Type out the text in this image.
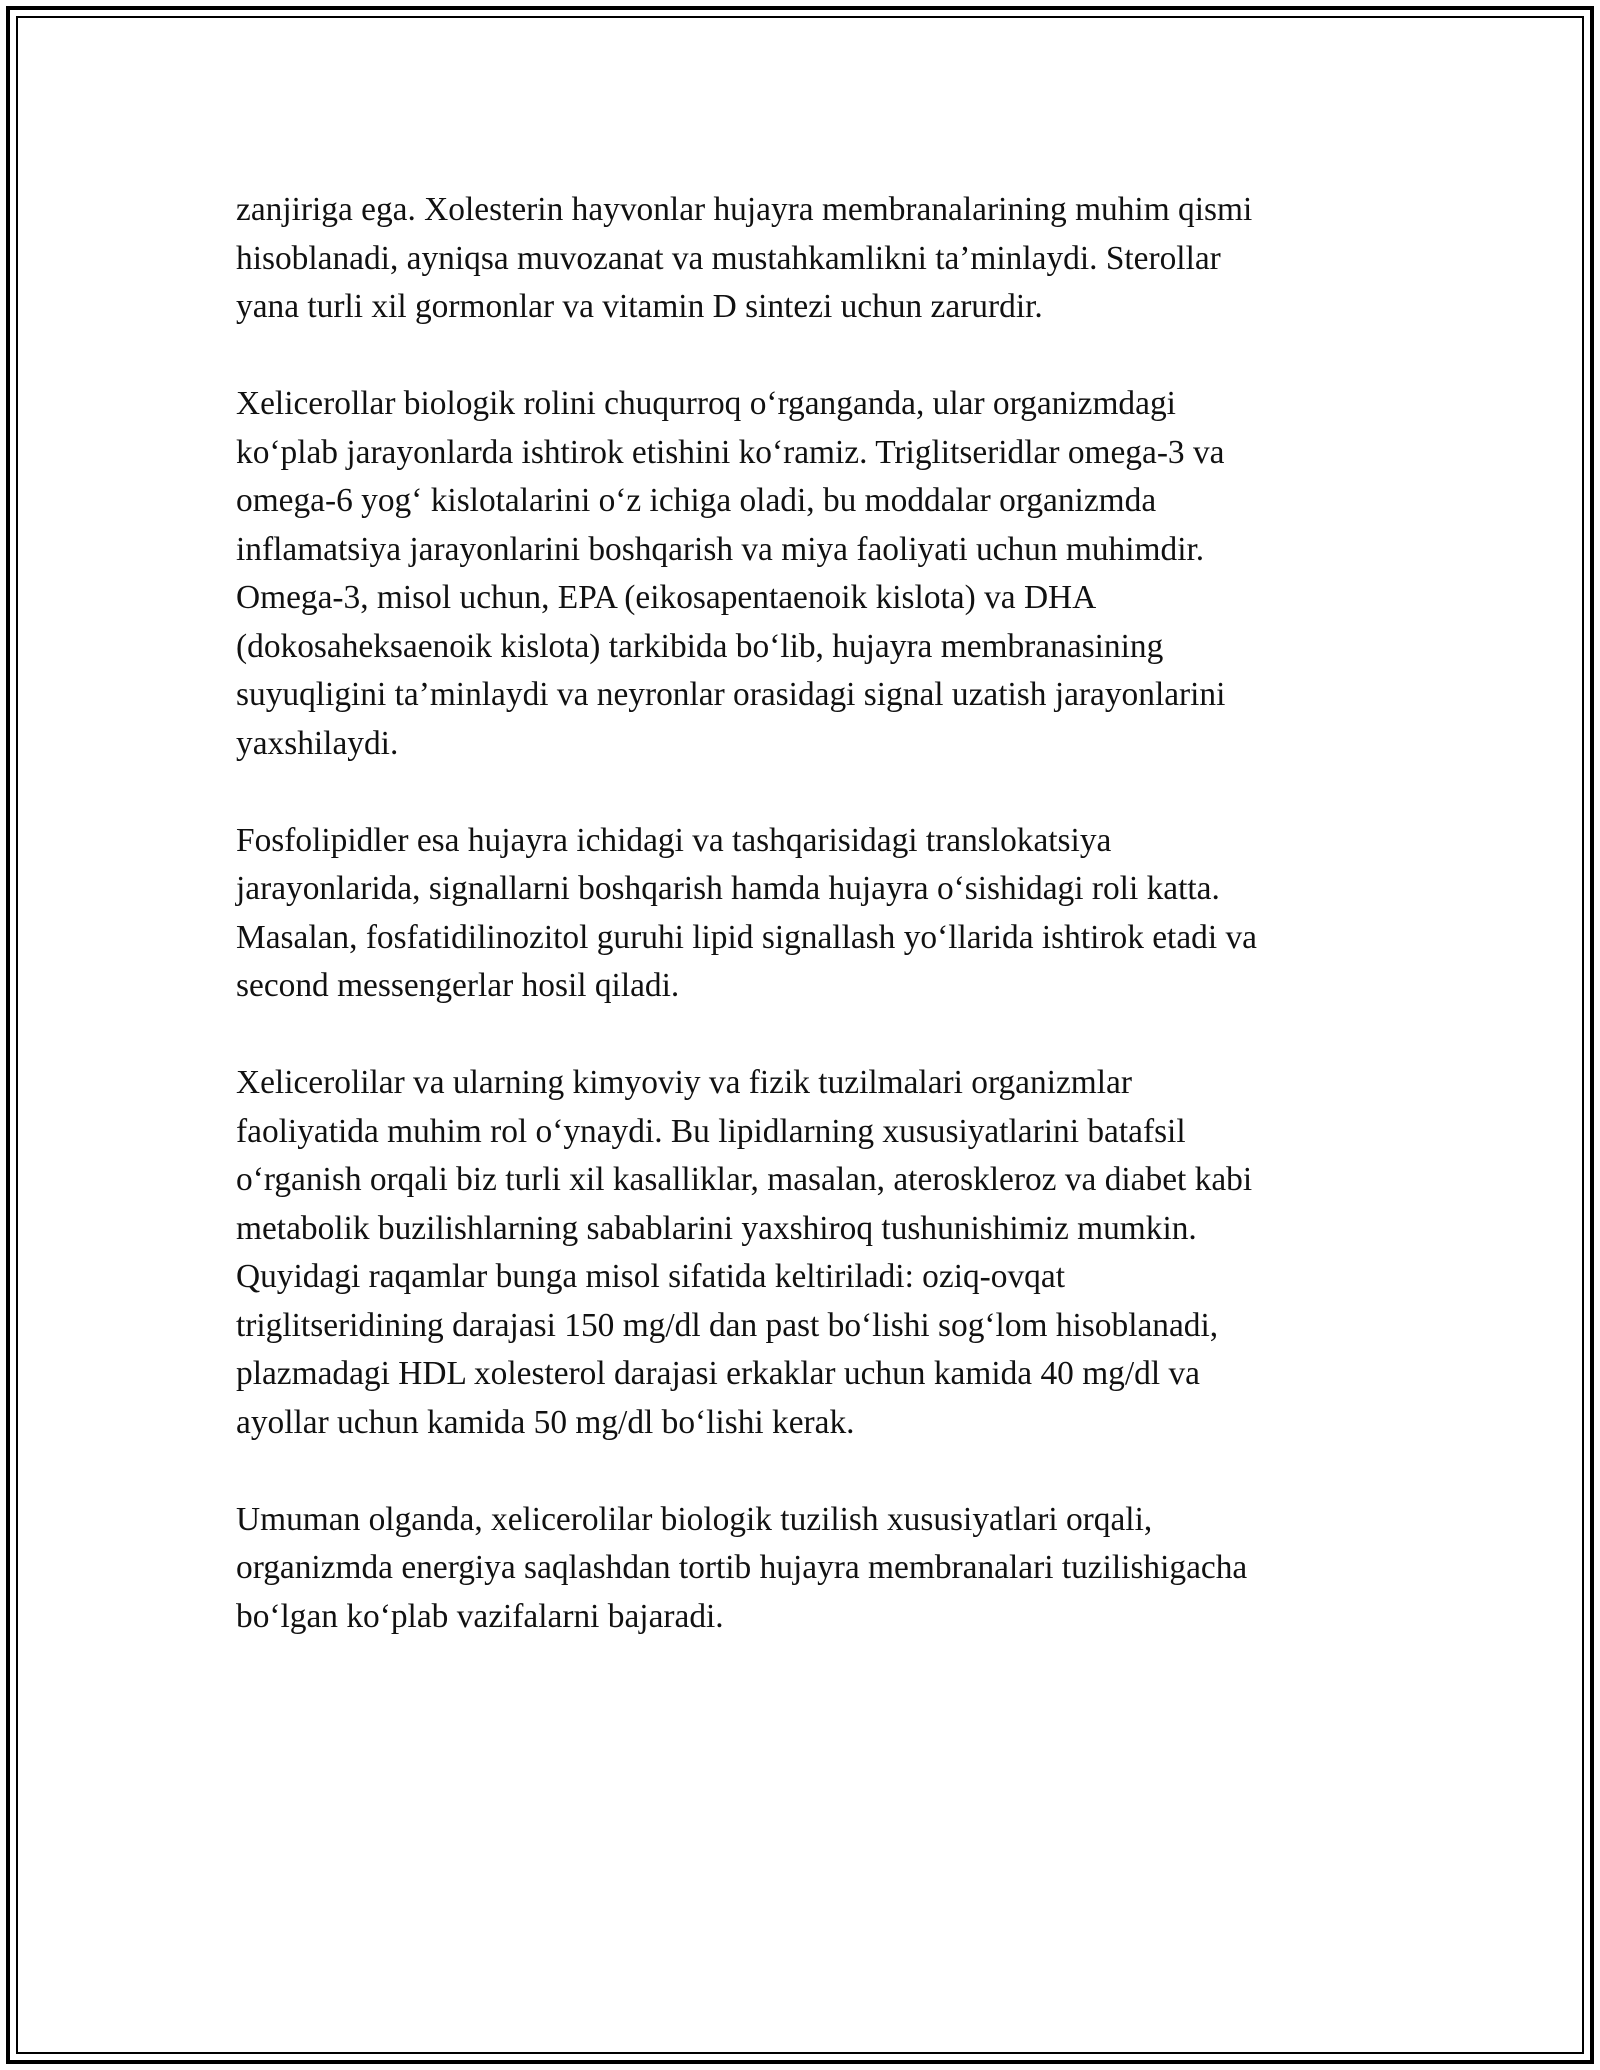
zanjiriga ega. Xolesterin hayvonlar hujayra membranalarining muhim qismi
hisoblanadi, ayniqsa muvozanat va mustahkamlikni ta’minlaydi. Sterollar
yana turli xil gormonlar va vitamin D sintezi uchun zarurdir.

Xelicerollar biologik rolini chuqurroq o‘rganganda, ular organizmdagi
ko‘plab jarayonlarda ishtirok etishini ko‘ramiz. Triglitseridlar omega-3 va
omega-6 yog‘ kislotalarini o‘z ichiga oladi, bu moddalar organizmda
inflamatsiya jarayonlarini boshqarish va miya faoliyati uchun muhimdir.
Omega-3, misol uchun, EPA (eikosapentaenoik kislota) va DHA
(dokosaheksaenoik kislota) tarkibida bo‘lib, hujayra membranasining
suyuqligini ta’minlaydi va neyronlar orasidagi signal uzatish jarayonlarini
yaxshilaydi.

Fosfolipidler esa hujayra ichidagi va tashqarisidagi translokatsiya
jarayonlarida, signallarni boshqarish hamda hujayra o‘sishidagi roli katta.
Masalan, fosfatidilinozitol guruhi lipid signallash yo‘llarida ishtirok etadi va
second messengerlar hosil qiladi.

Xelicerolilar va ularning kimyoviy va fizik tuzilmalari organizmlar
faoliyatida muhim rol o‘ynaydi. Bu lipidlarning xususiyatlarini batafsil
o‘rganish orqali biz turli xil kasalliklar, masalan, ateroskleroz va diabet kabi
metabolik buzilishlarning sabablarini yaxshiroq tushunishimiz mumkin.
Quyidagi raqamlar bunga misol sifatida keltiriladi: oziq-ovqat
triglitseridining darajasi 150 mg/dl dan past bo‘lishi sog‘lom hisoblanadi,
plazmadagi HDL xolesterol darajasi erkaklar uchun kamida 40 mg/dl va
ayollar uchun kamida 50 mg/dl bo‘lishi kerak.

Umuman olganda, xelicerolilar biologik tuzilish xususiyatlari orqali,
organizmda energiya saqlashdan tortib hujayra membranalari tuzilishigacha
bo‘lgan ko‘plab vazifalarni bajaradi.
